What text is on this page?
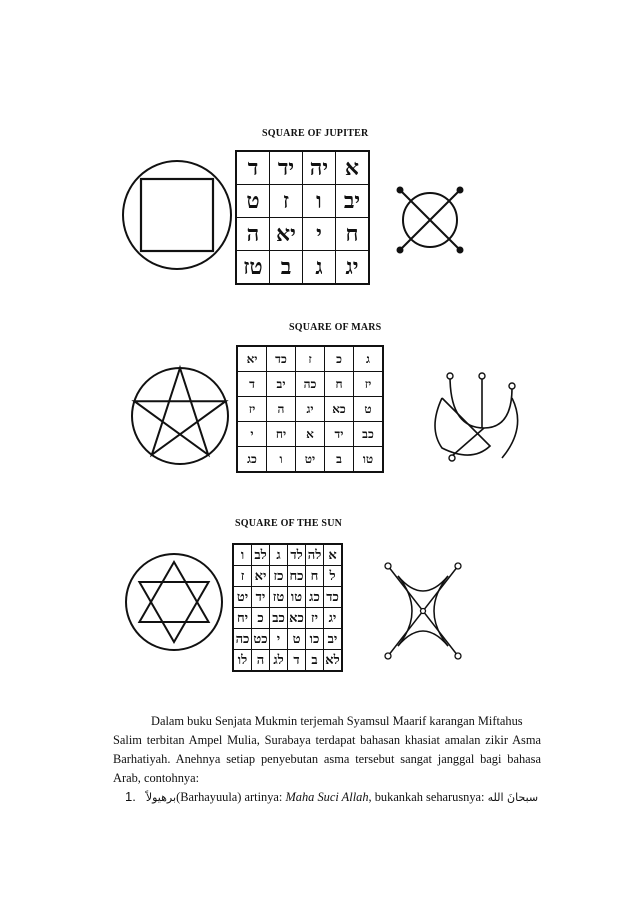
SQUARE OF JUPITER
ד	יד	יה	א
ט	ז	ו	יב
ה	יא	י	ח
טז	ב	ג	יג
SQUARE OF MARS
יא	כד	ז	כ	ג
ד	יב	כה	ח	יז
יז	ה	יג	כא	ט
י	יח	א	יד	כב
כג	ו	יט	ב	טו
SQUARE OF THE SUN
ו	לב	ג	לד	לה	א
ז	יא	כז	כח	ח	ל
יט	יד	טז	טו	כג	כד
יח	כ	כב	כא	יז	יג
כה	כט	י	ט	כו	יב
לו	ה	לג	ד	ב	לא
Dalam buku Senjata Mukmin terjemah Syamsul Maarif karangan Miftahus
Salim terbitan Ampel Mulia, Surabaya terdapat bahasan khasiat amalan zikir Asma Barhatiyah. Anehnya setiap penyebutan asma tersebut sangat janggal bagi bahasa Arab, contohnya:
1. برهيولاً(Barhayuula) artinya: Maha Suci Allah, bukankah seharusnya: سبحانَ الله
